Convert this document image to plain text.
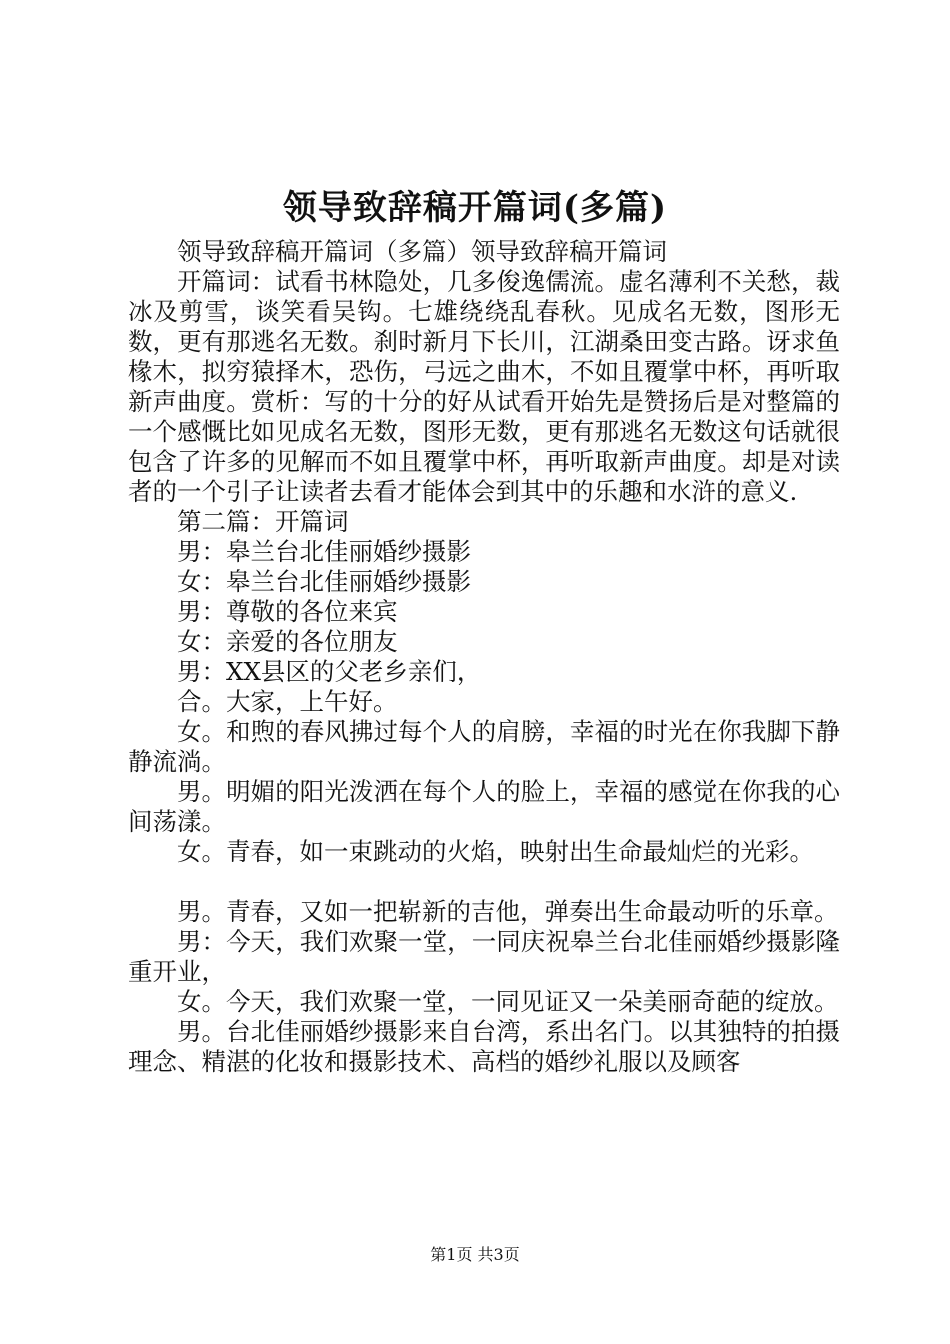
领导致辞稿开篇词(多篇)

领导致辞稿开篇词（多篇）领导致辞稿开篇词

开篇词：试看书林隐处，几多俊逸儒流。虚名薄利不关愁，裁冰及剪雪，谈笑看吴钩。七雄绕绕乱春秋。见成名无数，图形无数，更有那逃名无数。刹时新月下长川，江湖桑田变古路。讶求鱼椽木，拟穷猿择木，恐伤，弓远之曲木，不如且覆掌中杯，再听取新声曲度。赏析：写的十分的好从试看开始先是赞扬后是对整篇的一个感慨比如见成名无数，图形无数，更有那逃名无数这句话就很包含了许多的见解而不如且覆掌中杯，再听取新声曲度。却是对读者的一个引子让读者去看才能体会到其中的乐趣和水浒的意义.

第二篇：开篇词

男：皋兰台北佳丽婚纱摄影

女：皋兰台北佳丽婚纱摄影

男：尊敬的各位来宾

女：亲爱的各位朋友

男：XX县区的父老乡亲们，

合。大家，上午好。

女。和煦的春风拂过每个人的肩膀，幸福的时光在你我脚下静静流淌。

男。明媚的阳光泼洒在每个人的脸上，幸福的感觉在你我的心间荡漾。

女。青春，如一束跳动的火焰，映射出生命最灿烂的光彩。

男。青春，又如一把崭新的吉他，弹奏出生命最动听的乐章。

男：今天，我们欢聚一堂，一同庆祝皋兰台北佳丽婚纱摄影隆重开业，

女。今天，我们欢聚一堂，一同见证又一朵美丽奇葩的绽放。

男。台北佳丽婚纱摄影来自台湾，系出名门。以其独特的拍摄理念、精湛的化妆和摄影技术、高档的婚纱礼服以及顾客

第1页 共3页
